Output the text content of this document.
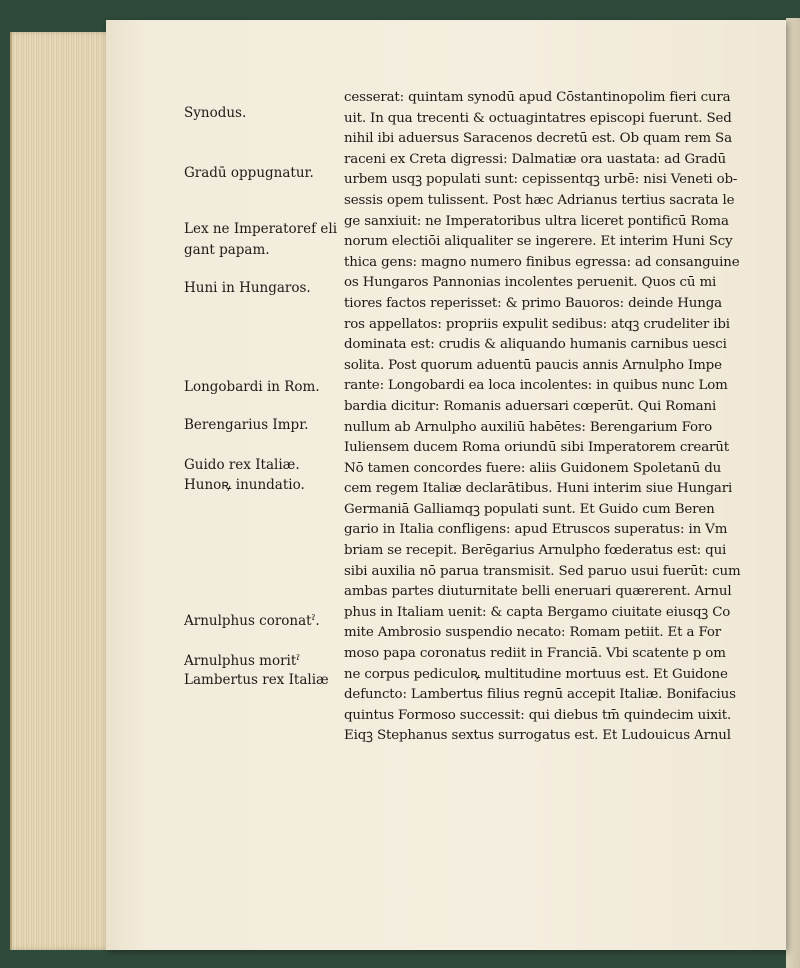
Synodus.

Gradū oppugnatur.

Lex ne Imperatoref eli

gant papam.

Huni in Hungaros.

Longobardi in Rom.

Berengarius Impr.

Guido rex Italiæ.

Hunoꝶ inundatio.

Arnulphus coronatˀ.

Arnulphus moritˀ

Lambertus rex Italiæ

cesserat: quintam synodū apud Cōstantinopolim fieri cura

uit. In qua trecenti & octuagintatres episcopi fuerunt. Sed

nihil ibi aduersus Saracenos decretū est. Ob quam rem Sa

raceni ex Creta digressi: Dalmatiæ ora uastata: ad Gradū

urbem usqꝫ populati sunt: cepissentqꝫ urbē: nisi Veneti ob-

sessis opem tulissent. Post hæc Adrianus tertius sacrata le

ge sanxiuit: ne Imperatoribus ultra liceret pontificū Roma

norum electiōi aliqualiter se ingerere. Et interim Huni Scy

thica gens: magno numero finibus egressa: ad consanguine

os Hungaros Pannonias incolentes peruenit. Quos cū mi

tiores factos reperisset: & primo Bauoros: deinde Hunga

ros appellatos: propriis expulit sedibus: atqꝫ crudeliter ibi

dominata est: crudis & aliquando humanis carnibus uesci

solita. Post quorum aduentū paucis annis Arnulpho Impe

rante: Longobardi ea loca incolentes: in quibus nunc Lom

bardia dicitur: Romanis aduersari cœperūt. Qui Romani

nullum ab Arnulpho auxiliū habētes: Berengarium Foro

Iuliensem ducem Roma oriundū sibi Imperatorem crearūt

Nō tamen concordes fuere: aliis Guidonem Spoletanū du

cem regem Italiæ declarātibus. Huni interim siue Hungari

Germaniā Galliamqꝫ populati sunt. Et Guido cum Beren

gario in Italia confligens: apud Etruscos superatus: in Vm

briam se recepit. Berēgarius Arnulpho fœderatus est: qui

sibi auxilia nō parua transmisit. Sed paruo usui fuerūt: cum

ambas partes diuturnitate belli eneruari quærerent. Arnul

phus in Italiam uenit: & capta Bergamo ciuitate eiusqꝫ Co

mite Ambrosio suspendio necato: Romam petiit. Et a For

moso papa coronatus rediit in Franciā. Vbi scatente p om

ne corpus pediculoꝶ multitudine mortuus est. Et Guidone

defuncto: Lambertus filius regnū accepit Italiæ. Bonifacius

quintus Formoso successit: qui diebus tm̄ quindecim uixit.

Eiqꝫ Stephanus sextus surrogatus est. Et Ludouicus Arnul
